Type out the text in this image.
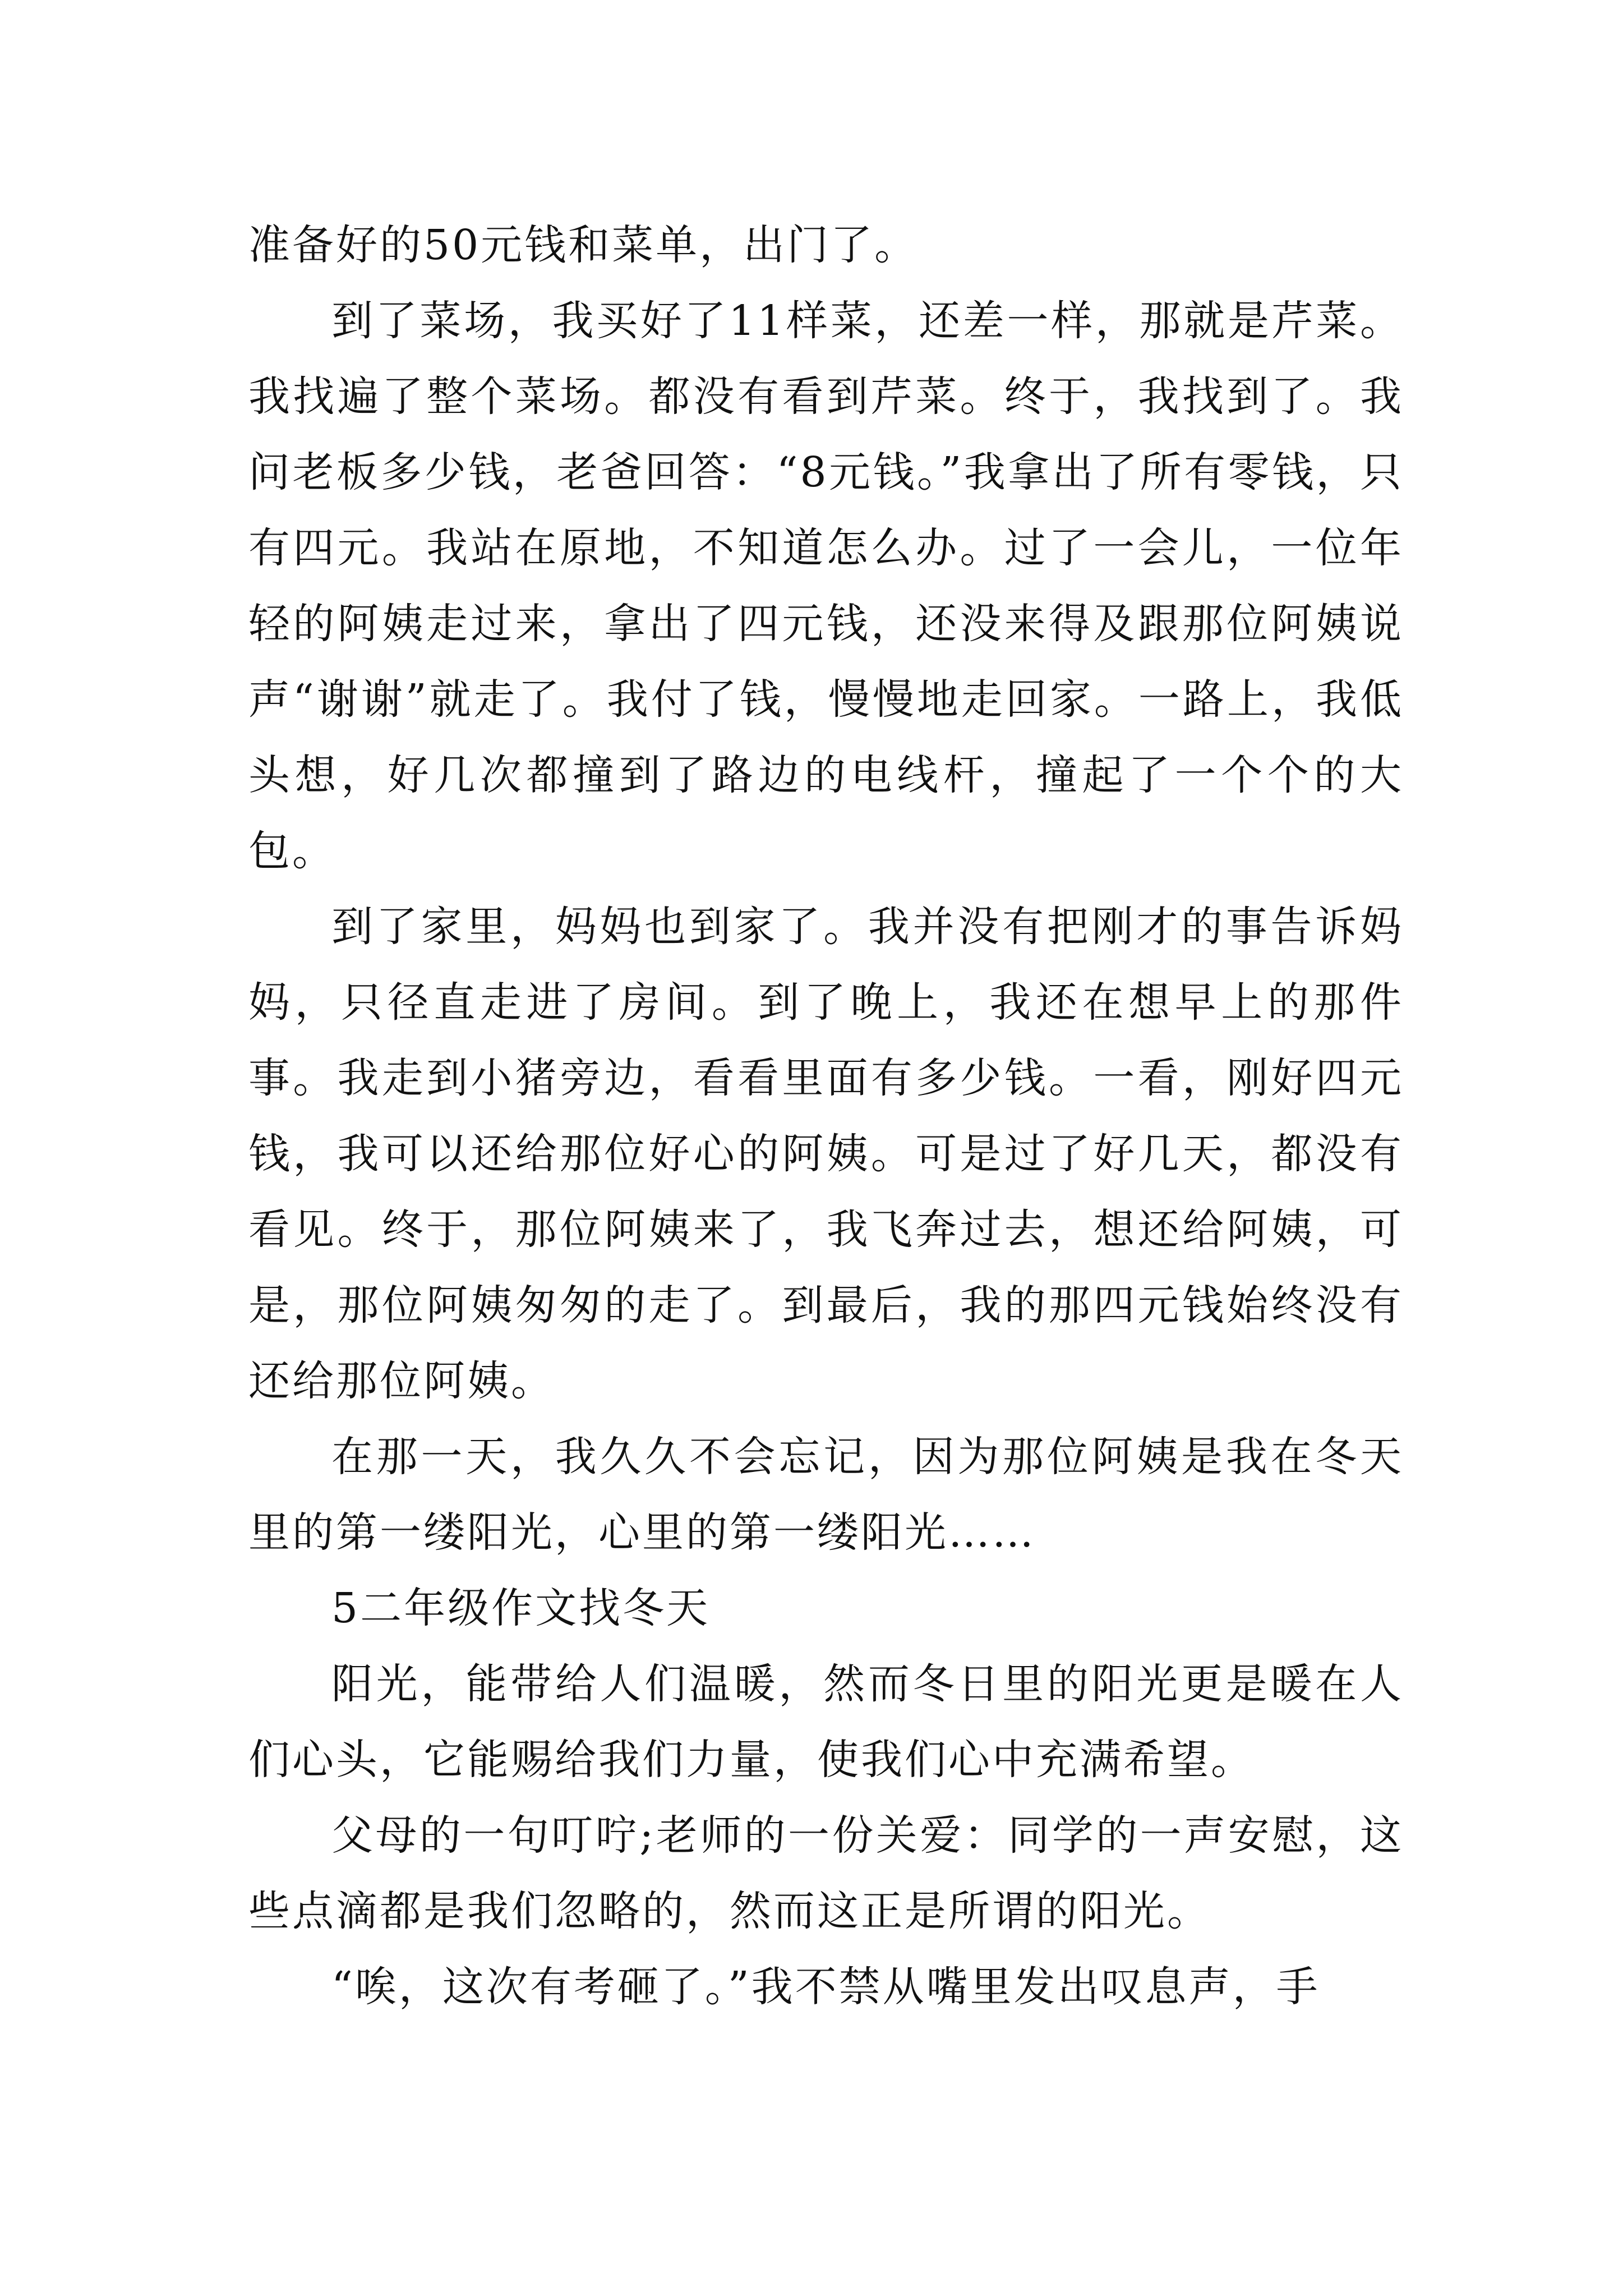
准备好的50元钱和菜单，出门了。

到了菜场，我买好了11样菜，还差一样，那就是芹菜。我找遍了整个菜场。都没有看到芹菜。终于，我找到了。我问老板多少钱，老爸回答：“8元钱。”我拿出了所有零钱，只有四元。我站在原地，不知道怎么办。过了一会儿，一位年轻的阿姨走过来，拿出了四元钱，还没来得及跟那位阿姨说声“谢谢”就走了。我付了钱，慢慢地走回家。一路上，我低头想，好几次都撞到了路边的电线杆，撞起了一个个的大包。

到了家里，妈妈也到家了。我并没有把刚才的事告诉妈妈，只径直走进了房间。到了晚上，我还在想早上的那件事。我走到小猪旁边，看看里面有多少钱。一看，刚好四元钱，我可以还给那位好心的阿姨。可是过了好几天，都没有看见。终于，那位阿姨来了，我飞奔过去，想还给阿姨，可是，那位阿姨匆匆的走了。到最后，我的那四元钱始终没有还给那位阿姨。

在那一天，我久久不会忘记，因为那位阿姨是我在冬天里的第一缕阳光，心里的第一缕阳光……

5二年级作文找冬天

阳光，能带给人们温暖，然而冬日里的阳光更是暖在人们心头，它能赐给我们力量，使我们心中充满希望。

父母的一句叮咛;老师的一份关爱：同学的一声安慰，这些点滴都是我们忽略的，然而这正是所谓的阳光。

“唉，这次有考砸了。”我不禁从嘴里发出叹息声，手
